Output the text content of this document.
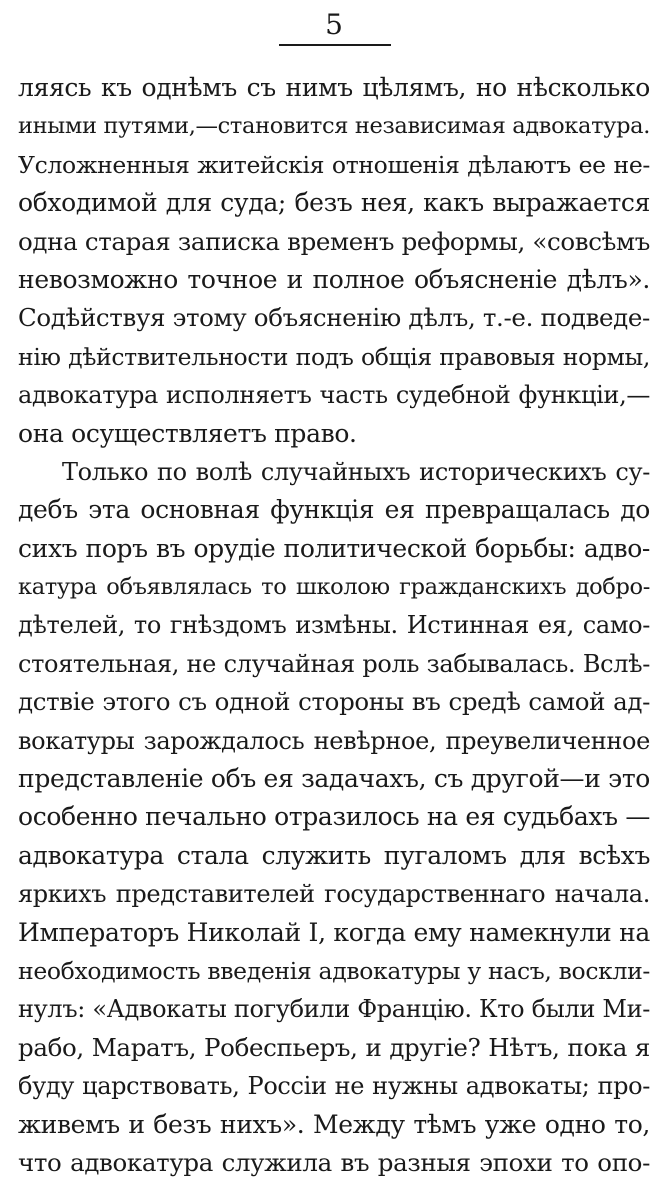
5
ляясь къ однѣмъ съ нимъ цѣлямъ, но нѣсколько
иными путями,—становится независимая адвокатура.
Усложненныя житейскія отношенія дѣлаютъ ее не-
обходимой для суда; безъ нея, какъ выражается
одна старая записка временъ реформы, «совсѣмъ
невозможно точное и полное объясненіе дѣлъ».
Содѣйствуя этому объясненію дѣлъ, т.-е. подведе-
нію дѣйствительности подъ общія правовыя нормы,
адвокатура исполняетъ часть судебной функціи,—
она осуществляетъ право.
Только по волѣ случайныхъ историческихъ су-
дебъ эта основная функція ея превращалась до
сихъ поръ въ орудіе политической борьбы: адво-
катура объявлялась то школою гражданскихъ добро-
дѣтелей, то гнѣздомъ измѣны. Истинная ея, само-
стоятельная, не случайная роль забывалась. Вслѣ-
дствіе этого съ одной стороны въ средѣ самой ад-
вокатуры зарождалось невѣрное, преувеличенное
представленіе объ ея задачахъ, съ другой—и это
особенно печально отразилось на ея судьбахъ —
адвокатура стала служить пугаломъ для всѣхъ
яркихъ представителей государственнаго начала.
Императоръ Николай I, когда ему намекнули на
необходимость введенія адвокатуры у насъ, воскли-
нулъ: «Адвокаты погубили Францію. Кто были Ми-
рабо, Маратъ, Робеспьеръ, и другіе? Нѣтъ, пока я
буду царствовать, Россіи не нужны адвокаты; про-
живемъ и безъ нихъ». Между тѣмъ уже одно то,
что адвокатура служила въ разныя эпохи то опо-
